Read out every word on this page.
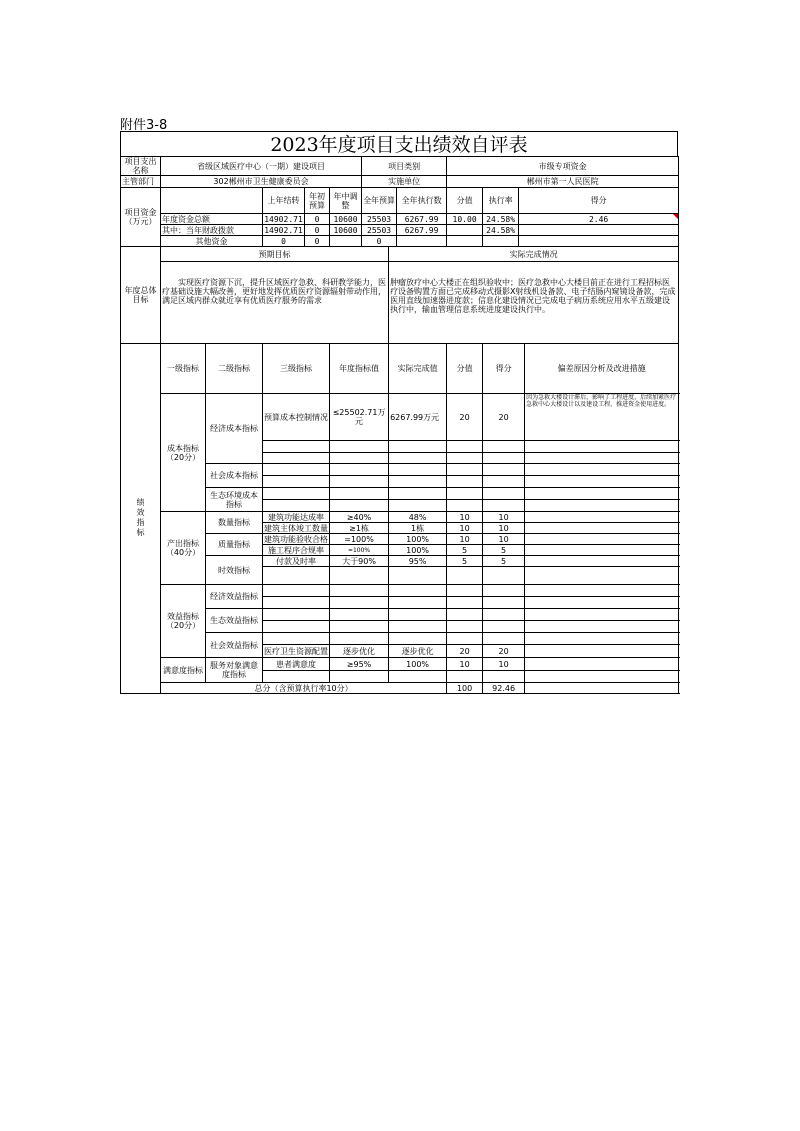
附件3-8
2023年度项目支出绩效自评表
项目支出名称	省级区域医疗中心（一期）建设项目					项目类别			市级专项资金			
主管部门	302郴州市卫生健康委员会					实施单位			郴州市第一人民医院			
项目资金（万元）			上年结转	年初预算	年中调整	全年预算		全年执行数	分值	执行率	得分	
	年度资金总额		14902.71	0	10600	25503		6267.99	10.00	24.58%	2.46	

	其中：当年财政拨款		14902.71	0	10600	25503		6267.99		24.58%		
	其他资金		0	0		0						
年度总体目标	预期目标						实际完成情况					
	实现医疗资源下沉，提升区域医疗急救、科研教学能力，医疗基础设施大幅改善，更好地发挥优质医疗资源辐射带动作用，满足区域内群众就近享有优质医疗服务的需求						肿瘤放疗中心大楼正在组织验收中；医疗急救中心大楼目前正在进行工程招标医疗设备购置方面已完成移动式摄影X射线机设备款、电子结肠内窥镜设备款，完成医用直线加速器进度款；信息化建设情况已完成电子病历系统应用水平五级建设执行中，输血管理信息系统进度建设执行中。					
绩效指标	一级指标	二级指标	三级指标		年度指标值		实际完成值		分值	得分		偏差原因分析及改进措施
	成本指标（20分）	经济成本指标	预算成本控制情况		≤25502.71万元		6267.99万元		20	20		因为急救大楼设计滞后，影响了工程进度，后续加紧医疗急救中心大楼设计以及建设工程，推进资金使用进度。

		社会成本指标										

		生态环境成本指标										

	产出指标（40分）	数量指标	建筑功能达成率		≥40%		48%		10	10		
			建筑主体竣工数量		≥1栋		1栋		10	10		
		质量指标	建筑功能验收合格		=100%		100%		10	10		
			施工程序合规率		=100%		100%		5	5		
		时效指标	付款及时率		大于90%		95%		5	5		

	效益指标（20分）	经济效益指标										

		生态效益指标										

		社会效益指标										
			医疗卫生资源配置		逐步优化		逐步优化		20	20		
	满意度指标	服务对象满意度指标	患者满意度		≥95%		100%		10	10		

	总分（含预算执行率10分）								100	92.46		
